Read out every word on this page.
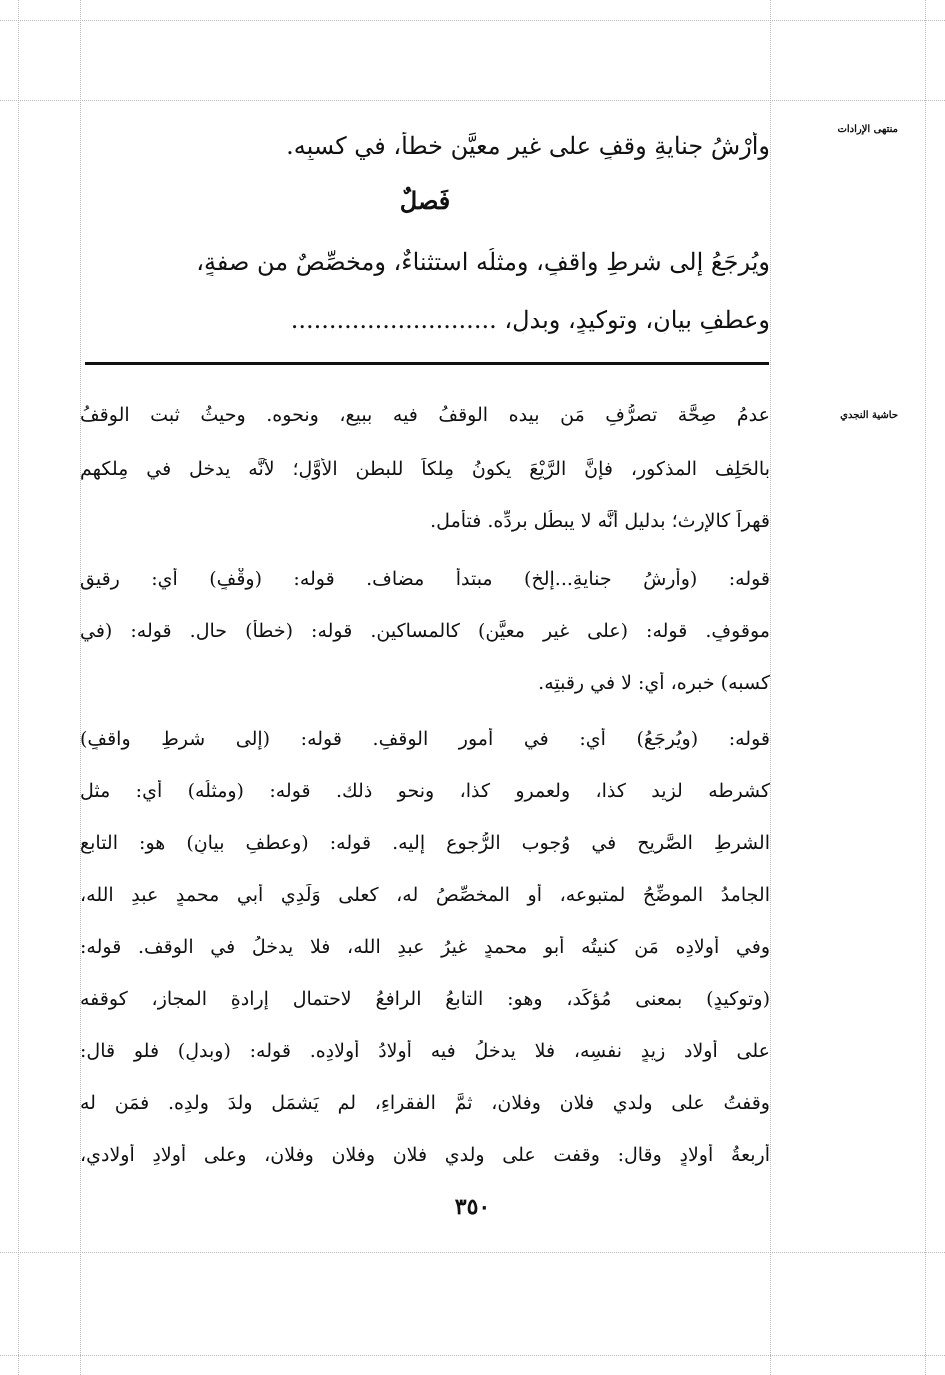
منتهى الإرادات
حاشية النجدي
وأرْشُ جنايةِ وقفٍ على غيرِ معيَّنٍ خطأً، في كسبِه.
فَصلٌ
ويُرجَعُ إلى شرطِ واقفٍ، ومثلُه استثناءٌ، ومخصِّصٌ من صفةٍ،
وعطفِ بيانٍ، وتوكيدٍ، وبدلٍ، ...........................
عدمُ صِحَّة تصرُّفِ مَن بيده الوقفُ فيه ببيعٍ، ونحوِه. وحيثُ ثبت الوقفُ
بالحَلِف المذكورِ، فإنَّ الرَّيْعَ يكونُ مِلكاً للبطن الأوَّلِ؛ لأنَّه يدخل في مِلكهم
قهراً كالإرث؛ بدليل أنَّه لا يبطُل بردِّه. فتأمل.
قوله: (وأرشُ جنايةِ...إلخ) مبتدأ مضاف. قوله: (وقْفٍ) أي: رقيقٍ
موقوفٍ. قوله: (على غيرِ معيَّنٍ) كالمساكين. قوله: (خطأً) حال. قوله: (في
كسبه) خبره، أي: لا في رقبتِه.
قوله: (ويُرجَعُ) أي: في أُمورِ الوقفِ. قوله: (إلى شرطِ واقفٍ)
كشرطه لزيد كذا، ولعمروٍ كذا، ونحوِ ذلك. قوله: (ومثلُه) أي: مثل
الشرطِ الصَّريحِ في وُجوب الرُّجوع إليه. قوله: (وعطفِ بيانٍ) هو: التابع
الجامدُ الموضِّحُ لمتبوعه، أو المخصِّصُ له، كعلى وَلَدِي أبي محمدٍ عبدِ الله،
وفي أولادِه مَن كنيتُه أبو محمدٍ غيرُ عبدِ الله، فلا يدخلُ في الوقف. قوله:
(وتوكيدٍ) بمعنى مُؤكِّد، وهو: التابعُ الرافعُ لاحتمال إرادةِ المجاز، كوقفه
على أولاد زيدٍ نفسِه، فلا يدخلُ فيه أولادُ أولادِه. قوله: (وبدلٍ) فلو قال:
وقفتُ على ولدي فلان وفلان، ثمَّ الفقراءِ، لم يَشمَل ولدَ ولدِه. فمَن له
أربعةُ أولادٍ وقال: وقفت على ولدي فلان وفلان وفلان، وعلى أولادِ أولادي،
٣٥٠
